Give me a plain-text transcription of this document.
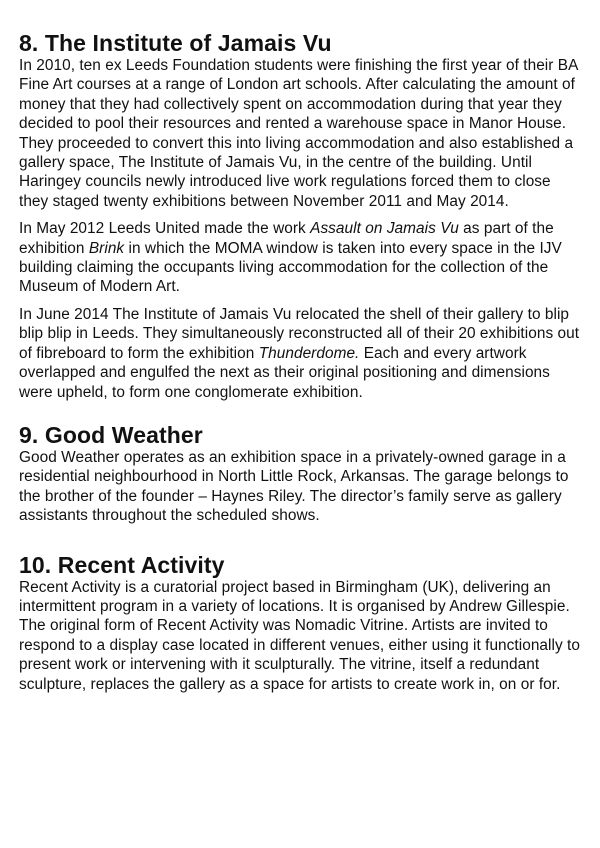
8. The Institute of Jamais Vu

In 2010, ten ex Leeds Foundation students were finishing the first year of their BA Fine Art courses at a range of London art schools. After calculating the amount of money that they had collectively spent on accommodation during that year they decided to pool their resources and rented a warehouse space in Manor House. They proceeded to convert this into living accommodation and also established a gallery space, The Institute of Jamais Vu, in the centre of the building. Until Haringey councils newly introduced live work regulations forced them to close they staged twenty exhibitions between November 2011 and May 2014.

In May 2012 Leeds United made the work Assault on Jamais Vu as part of the exhibition Brink in which the MOMA window is taken into every space in the IJV building claiming the occupants living accommodation for the collection of the Museum of Modern Art.

In June 2014 The Institute of Jamais Vu relocated the shell of their gallery to blip blip blip in Leeds. They simultaneously reconstructed all of their 20 exhibitions out of fibreboard to form the exhibition Thunderdome. Each and every artwork overlapped and engulfed the next as their original positioning and dimensions were upheld, to form one conglomerate exhibition.

9. Good Weather

Good Weather operates as an exhibition space in a privately-owned garage in a residential neighbourhood in North Little Rock, Arkansas. The garage belongs to the brother of the founder – Haynes Riley. The director’s family serve as gallery assistants throughout the scheduled shows.

10. Recent Activity

Recent Activity is a curatorial project based in Birmingham (UK), delivering an intermittent program in a variety of locations. It is organised by Andrew Gillespie. The original form of Recent Activity was Nomadic Vitrine. Artists are invited to respond to a display case located in different venues, either using it functionally to present work or intervening with it sculpturally. The vitrine, itself a redundant sculpture, replaces the gallery as a space for artists to create work in, on or for.
